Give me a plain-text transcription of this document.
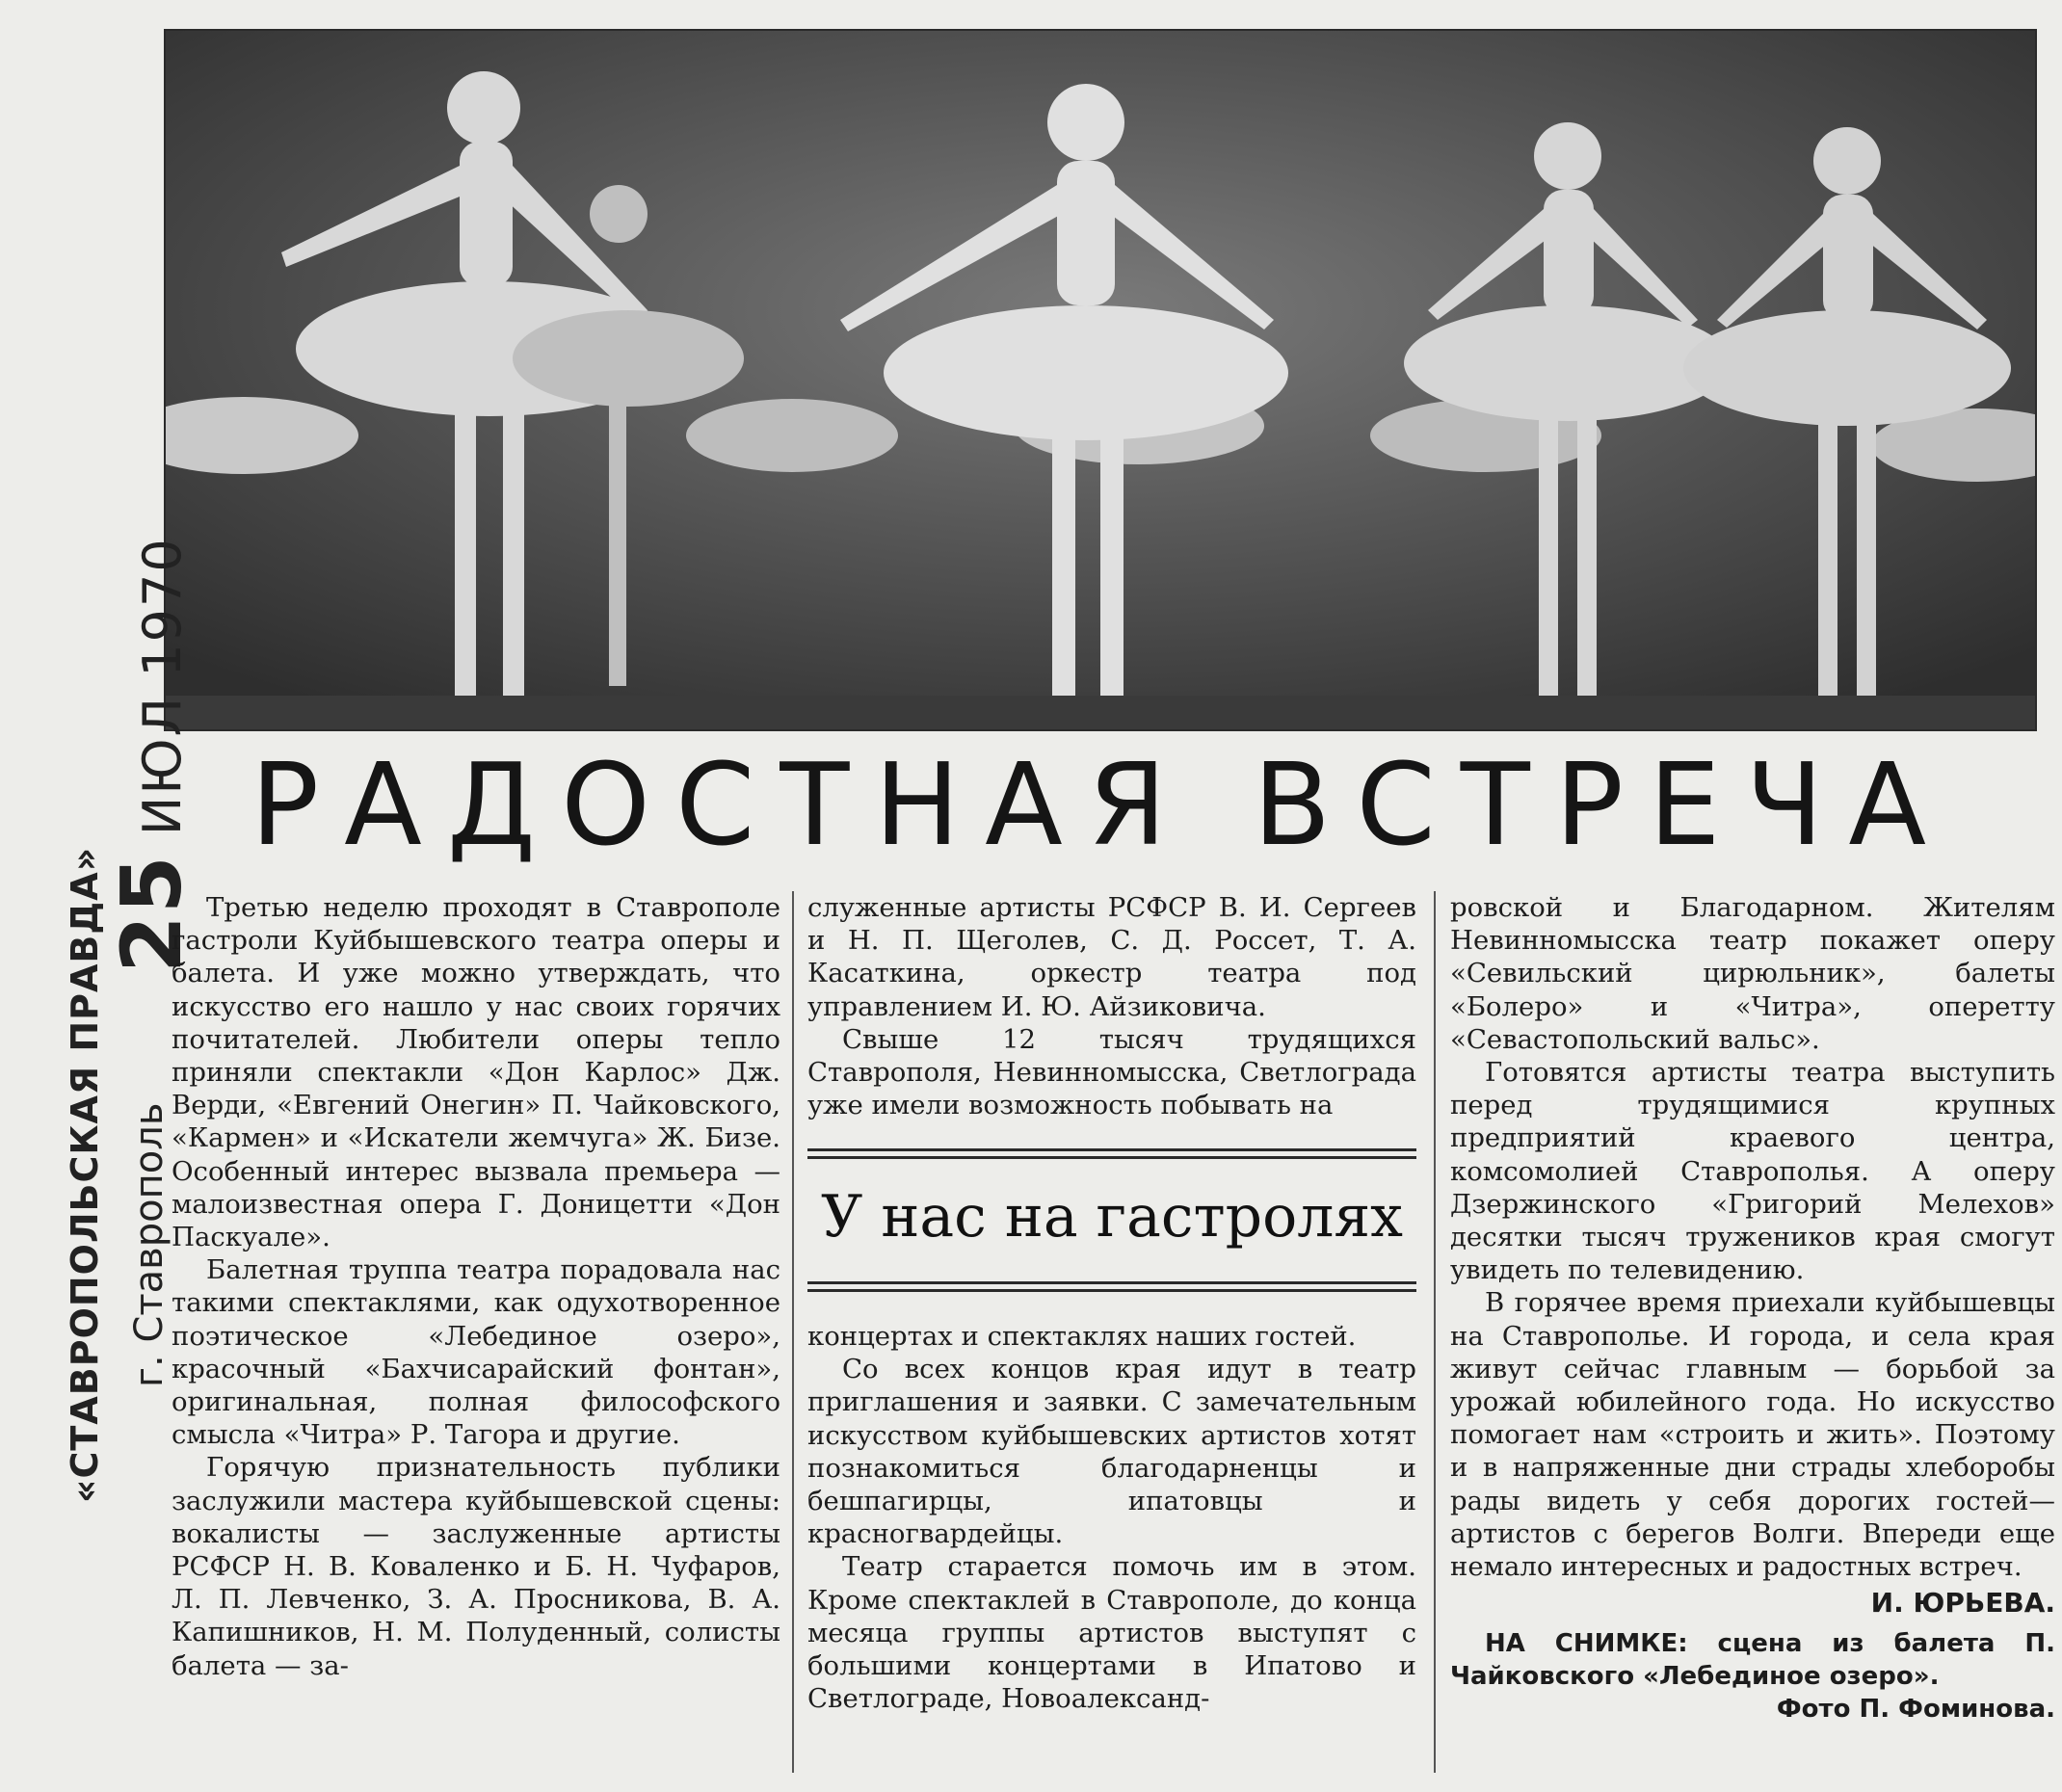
25 ИЮЛ 1970
«СТАВРОПОЛЬСКАЯ ПРАВДА» г. Ставрополь
РАДОСТНАЯ ВСТРЕЧА

Третью неделю проходят в Ставрополе гастроли Куйбышевского театра оперы и балета. И уже можно утверждать, что искусство его нашло у нас своих горячих почитателей. Любители оперы тепло приняли спектакли «Дон Карлос» Дж. Верди, «Евгений Онегин» П. Чайковского, «Кармен» и «Искатели жемчуга» Ж. Бизе. Особенный интерес вызвала премьера — малоизвестная опера Г. Доницетти «Дон Паскуале».

Балетная труппа театра порадовала нас такими спектаклями, как одухотворенное поэтическое «Лебединое озеро», красочный «Бахчисарайский фонтан», оригинальная, полная философского смысла «Читра» Р. Тагора и другие.

Горячую признательность публики заслужили мастера куйбышевской сцены: вокалисты — заслуженные артисты РСФСР Н. В. Коваленко и Б. Н. Чуфаров, Л. П. Левченко, З. А. Просникова, В. А. Капишников, Н. М. Полуденный, солисты балета — за-

служенные артисты РСФСР В. И. Сергеев и Н. П. Щеголев, С. Д. Россет, Т. А. Касаткина, оркестр театра под управлением И. Ю. Айзиковича.

Свыше 12 тысяч трудящихся Ставрополя, Невинномысска, Светлограда уже имели возможность побывать на

У нас на гастролях

концертах и спектаклях наших гостей.

Со всех концов края идут в театр приглашения и заявки. С замечательным искусством куйбышевских артистов хотят познакомиться благодарненцы и бешпагирцы, ипатовцы и красногвардейцы.

Театр старается помочь им в этом. Кроме спектаклей в Ставрополе, до конца месяца группы артистов выступят с большими концертами в Ипатово и Светлограде, Новоалександ-

ровской и Благодарном. Жителям Невинномысска театр покажет оперу «Севильский цирюльник», балеты «Болеро» и «Читра», оперетту «Севастопольский вальс».

Готовятся артисты театра выступить перед трудящимися крупных предприятий краевого центра, комсомолией Ставрополья. А оперу Дзержинского «Григорий Мелехов» десятки тысяч тружеников края смогут увидеть по телевидению.

В горячее время приехали куйбышевцы на Ставрополье. И города, и села края живут сейчас главным — борьбой за урожай юбилейного года. Но искусство помогает нам «строить и жить». Поэтому и в напряженные дни страды хлеборобы рады видеть у себя дорогих гостей—артистов с берегов Волги. Впереди еще немало интересных и радостных встреч.

И. ЮРЬЕВА.
НА СНИМКЕ: сцена из балета П. Чайковского «Лебединое озеро».
Фото П. Фоминова.
